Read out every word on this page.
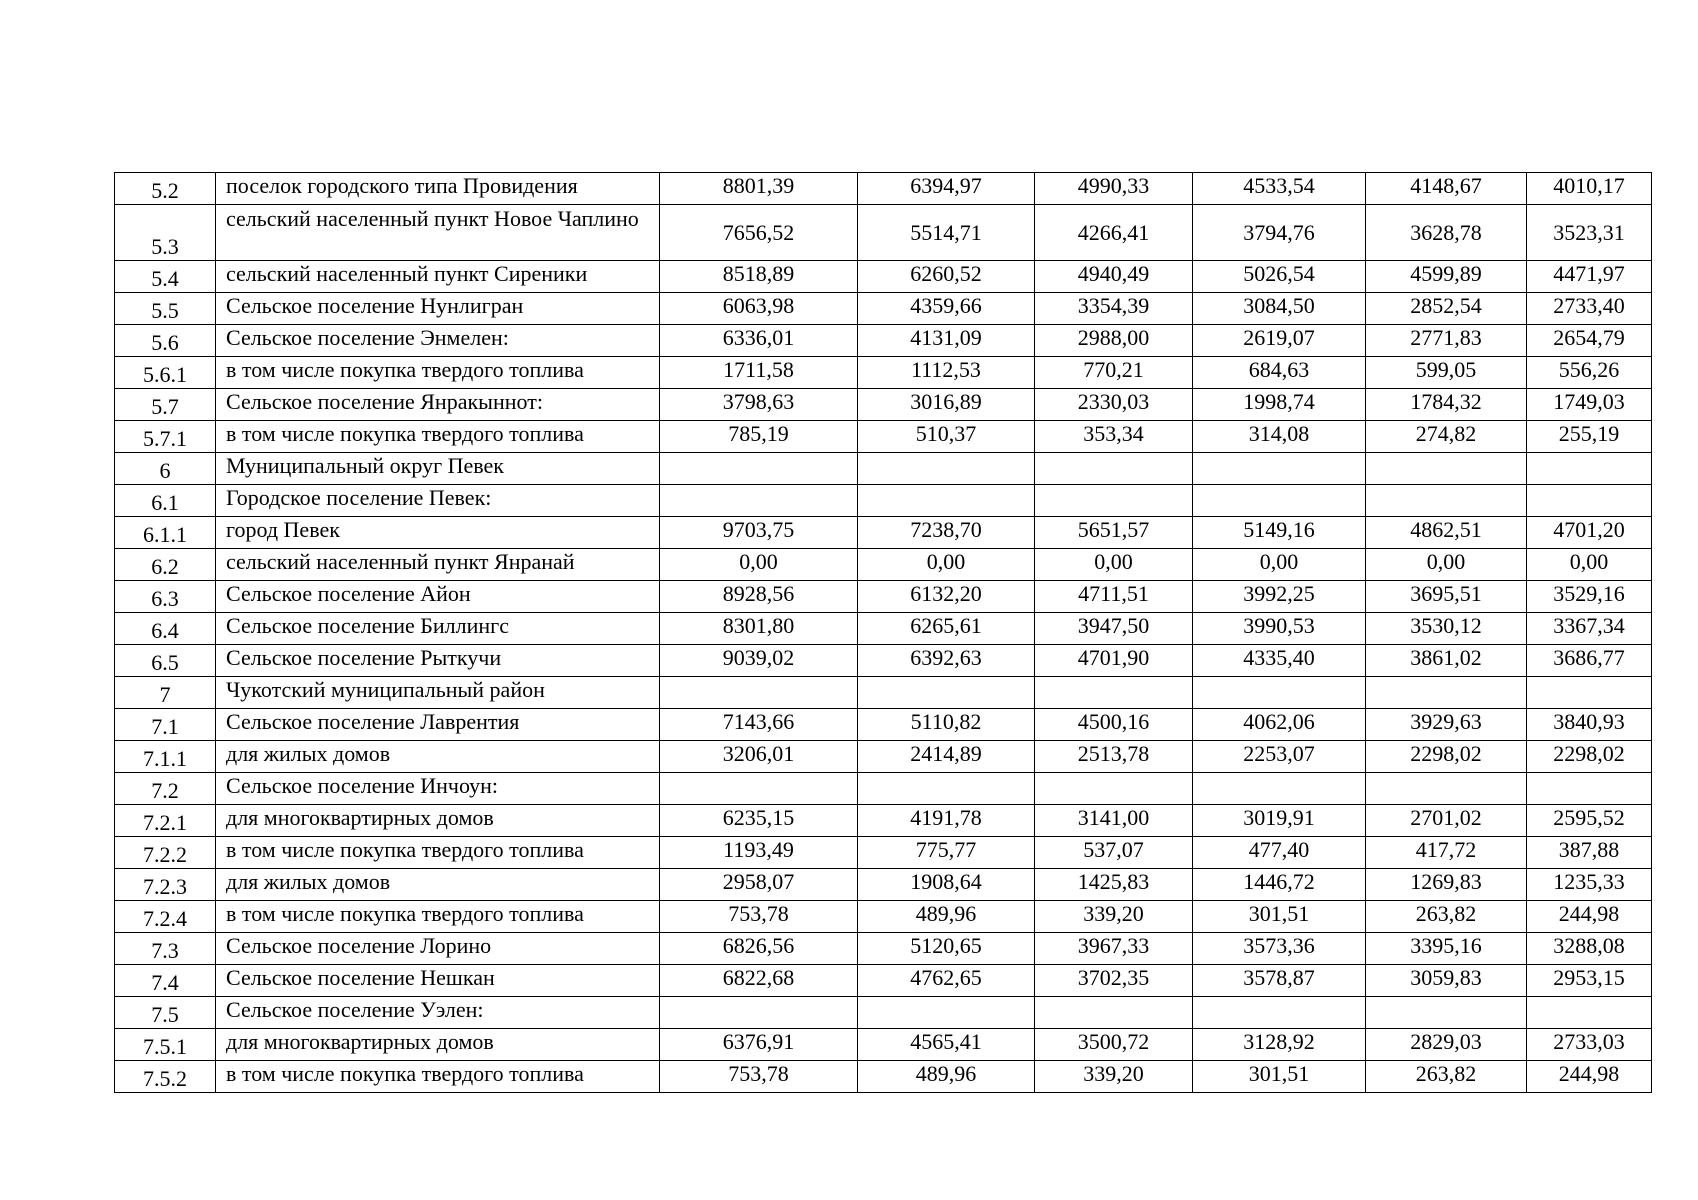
5.2	поселок городского типа Провидения	8801,39	6394,97	4990,33	4533,54	4148,67	4010,17
5.3	сельский населенный пункт Новое Чаплино	7656,52	5514,71	4266,41	3794,76	3628,78	3523,31
5.4	сельский населенный пункт Сиреники	8518,89	6260,52	4940,49	5026,54	4599,89	4471,97
5.5	Сельское поселение Нунлигран	6063,98	4359,66	3354,39	3084,50	2852,54	2733,40
5.6	Сельское поселение Энмелен:	6336,01	4131,09	2988,00	2619,07	2771,83	2654,79
5.6.1	в том числе покупка твердого топлива	1711,58	1112,53	770,21	684,63	599,05	556,26
5.7	Сельское поселение Янракыннот:	3798,63	3016,89	2330,03	1998,74	1784,32	1749,03
5.7.1	в том числе покупка твердого топлива	785,19	510,37	353,34	314,08	274,82	255,19
6	Муниципальный округ Певек						
6.1	Городское поселение Певек:						
6.1.1	город Певек	9703,75	7238,70	5651,57	5149,16	4862,51	4701,20
6.2	сельский населенный пункт Янранай	0,00	0,00	0,00	0,00	0,00	0,00
6.3	Сельское поселение Айон	8928,56	6132,20	4711,51	3992,25	3695,51	3529,16
6.4	Сельское поселение Биллингс	8301,80	6265,61	3947,50	3990,53	3530,12	3367,34
6.5	Сельское поселение Рыткучи	9039,02	6392,63	4701,90	4335,40	3861,02	3686,77
7	Чукотский муниципальный район						
7.1	Сельское поселение Лаврентия	7143,66	5110,82	4500,16	4062,06	3929,63	3840,93
7.1.1	для жилых домов	3206,01	2414,89	2513,78	2253,07	2298,02	2298,02
7.2	Сельское поселение Инчоун:						
7.2.1	для многоквартирных домов	6235,15	4191,78	3141,00	3019,91	2701,02	2595,52
7.2.2	в том числе покупка твердого топлива	1193,49	775,77	537,07	477,40	417,72	387,88
7.2.3	для жилых домов	2958,07	1908,64	1425,83	1446,72	1269,83	1235,33
7.2.4	в том числе покупка твердого топлива	753,78	489,96	339,20	301,51	263,82	244,98
7.3	Сельское поселение Лорино	6826,56	5120,65	3967,33	3573,36	3395,16	3288,08
7.4	Сельское поселение Нешкан	6822,68	4762,65	3702,35	3578,87	3059,83	2953,15
7.5	Сельское поселение Уэлен:						
7.5.1	для многоквартирных домов	6376,91	4565,41	3500,72	3128,92	2829,03	2733,03
7.5.2	в том числе покупка твердого топлива	753,78	489,96	339,20	301,51	263,82	244,98
